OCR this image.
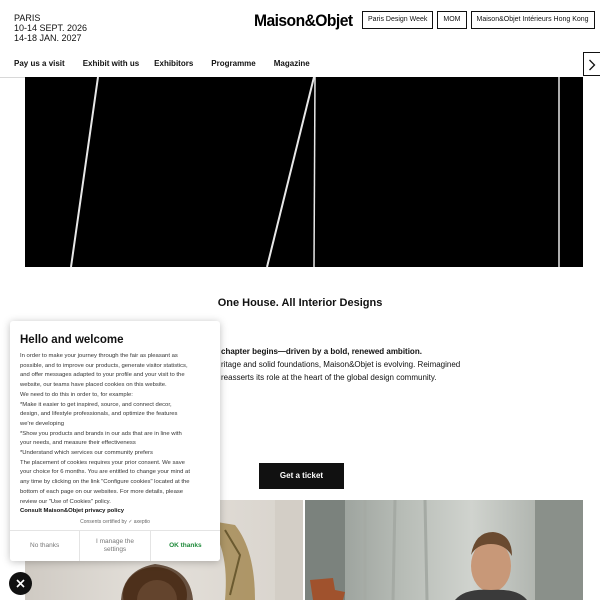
PARIS
10-14 SEPT. 2026
14-18 JAN. 2027
Maison&Objet	Paris Design Week	MOM	Maison&Objet Intérieurs Hong Kong
Pay us a visit Exhibit with us Exhibitors Programme Magazine
One House. All Interior Designs
chapter begins—driven by a bold, renewed ambition.
ritage and solid foundations, Maison&Objet is evolving. Reimagined
reasserts its role at the heart of the global design community.
Get a ticket
Hello and welcome
In order to make your journey through the fair as pleasant as
possible, and to improve our products, generate visitor statistics,
and offer messages adapted to your profile and your visit to the
website, our teams have placed cookies on this website.
We need to do this in order to, for example:
*Make it easier to get inspired, source, and connect decor,
design, and lifestyle professionals, and optimize the features
we're developing
*Show you products and brands in our ads that are in line with
your needs, and measure their effectiveness
*Understand which services our community prefers
The placement of cookies requires your prior consent. We save
your choice for 6 months. You are entitled to change your mind at
any time by clicking on the link "Configure cookies" located at the
bottom of each page on our websites. For more details, please
review our "Use of Cookies" policy.
Consult Maison&Objet privacy policy
Consents certified by ✓ axeptio
No thanks
I manage the
settings
OK thanks
